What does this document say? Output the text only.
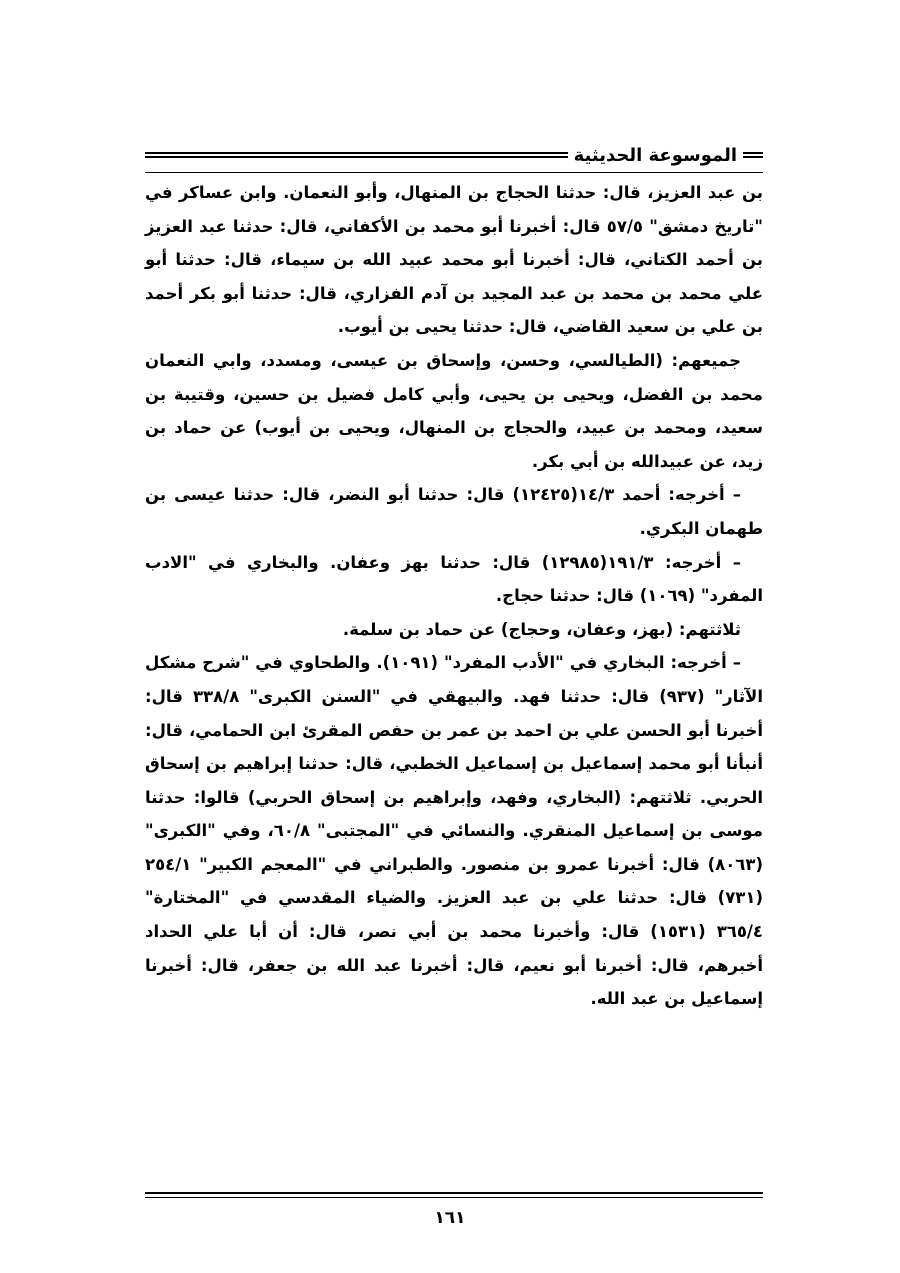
الموسوعة الحديثية

بن عبد العزيز، قال: حدثنا الحجاج بن المنهال، وأبو النعمان. وابن عساكر في "تاريخ دمشق" ٥٧/٥ قال: أخبرنا أبو محمد بن الأكفاني، قال: حدثنا عبد العزيز بن أحمد الكتاني، قال: أخبرنا أبو محمد عبيد الله بن سيماء، قال: حدثنا أبو علي محمد بن محمد بن عبد المجيد بن آدم الفزاري، قال: حدثنا أبو بكر أحمد بن علي بن سعيد القاضي، قال: حدثنا يحيى بن أيوب.

جميعهم: (الطيالسي، وحسن، وإسحاق بن عيسى، ومسدد، وابي النعمان محمد بن الفضل، ويحيى بن يحيى، وأبي كامل فضيل بن حسين، وقتيبة بن سعيد، ومحمد بن عبيد، والحجاج بن المنهال، ويحيى بن أيوب) عن حماد بن زيد، عن عبيدالله بن أبي بكر.

– أخرجه: أحمد ١٤/٣(١٢٤٢٥) قال: حدثنا أبو النضر، قال: حدثنا عيسى بن طهمان البكري.

– أخرجه: ١٩١/٣(١٢٩٨٥) قال: حدثنا بهز وعفان. والبخاري في "الادب المفرد" (١٠٦٩) قال: حدثنا حجاج.

ثلاثتهم: (بهز، وعفان، وحجاج) عن حماد بن سلمة.

– أخرجه: البخاري في "الأدب المفرد" (١٠٩١). والطحاوي في "شرح مشكل الآثار" (٩٣٧) قال: حدثنا فهد. والبيهقي في "السنن الكبرى" ٣٣٨/٨ قال: أخبرنا أبو الحسن علي بن احمد بن عمر بن حفص المقرئ ابن الحمامي، قال: أنبأنا أبو محمد إسماعيل بن إسماعيل الخطبي، قال: حدثنا إبراهيم بن إسحاق الحربي. ثلاثتهم: (البخاري، وفهد، وإبراهيم بن إسحاق الحربي) قالوا: حدثنا موسى بن إسماعيل المنقري. والنسائي في "المجتبى" ٦٠/٨، وفي "الكبرى" (٨٠٦٣) قال: أخبرنا عمرو بن منصور. والطبراني في "المعجم الكبير" ٢٥٤/١ (٧٣١) قال: حدثنا علي بن عبد العزيز. والضياء المقدسي في "المختارة" ٣٦٥/٤ (١٥٣١) قال: وأخبرنا محمد بن أبي نصر، قال: أن أبا علي الحداد أخبرهم، قال: أخبرنا أبو نعيم، قال: أخبرنا عبد الله بن جعفر، قال: أخبرنا إسماعيل بن عبد الله.

١٦١
